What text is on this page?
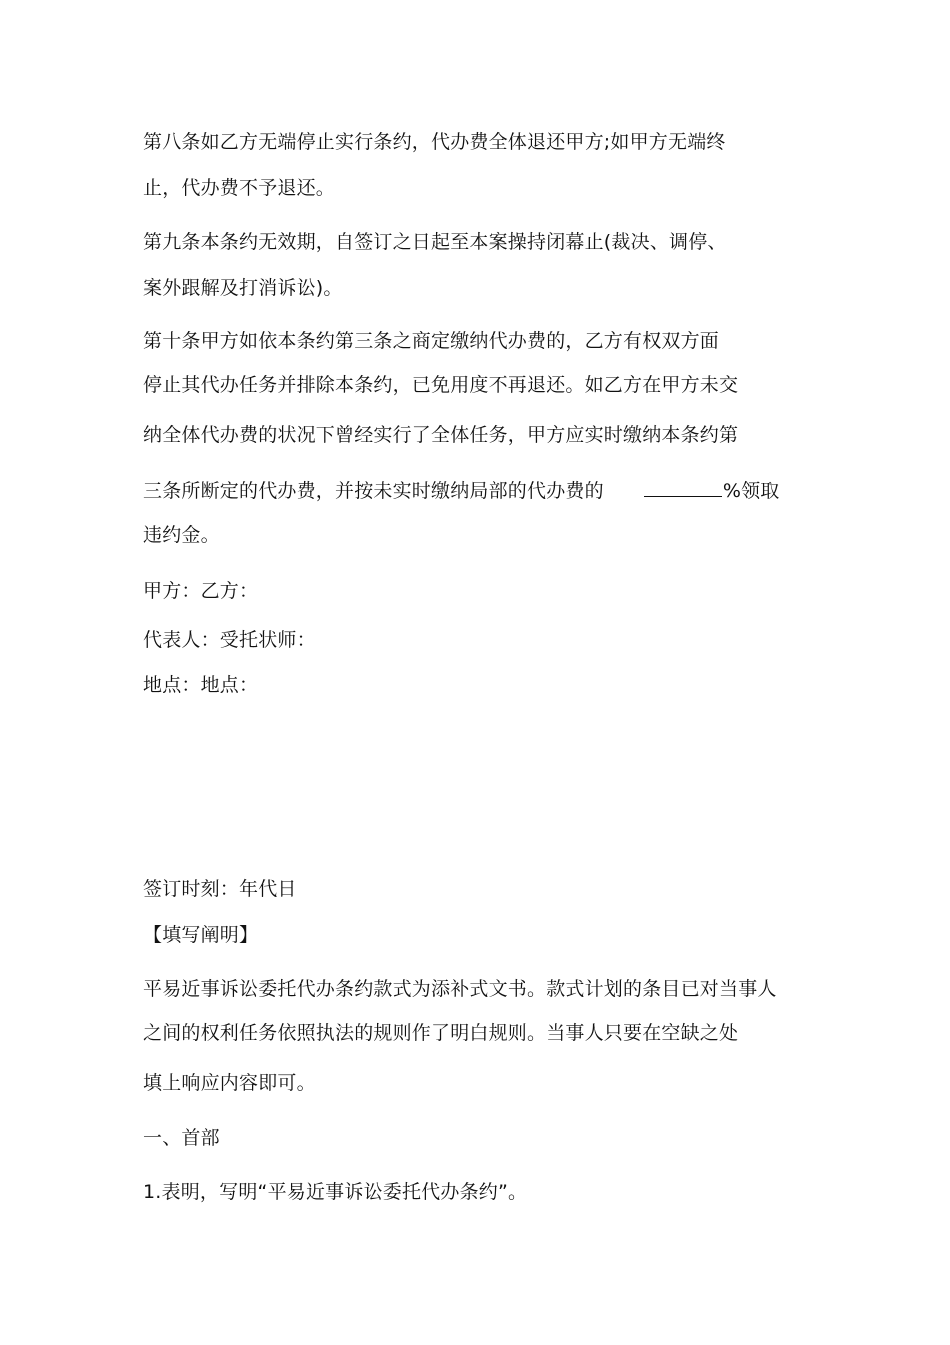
第八条如乙方无端停止实行条约，代办费全体退还甲方;如甲方无端终
止，代办费不予退还。
第九条本条约无效期，自签订之日起至本案操持闭幕止(裁决、调停、
案外跟解及打消诉讼)。
第十条甲方如依本条约第三条之商定缴纳代办费的，乙方有权双方面
停止其代办任务并排除本条约，已免用度不再退还。如乙方在甲方未交
纳全体代办费的状况下曾经实行了全体任务，甲方应实时缴纳本条约第
三条所断定的代办费，并按未实时缴纳局部的代办费的	%领取
违约金。
甲方：乙方：
代表人：受托状师：
地点：地点：
签订时刻：年代日
【填写阐明】
平易近事诉讼委托代办条约款式为添补式文书。款式计划的条目已对当事人
之间的权利任务依照执法的规则作了明白规则。当事人只要在空缺之处
填上响应内容即可。
一、首部
1.表明，写明“平易近事诉讼委托代办条约”。
